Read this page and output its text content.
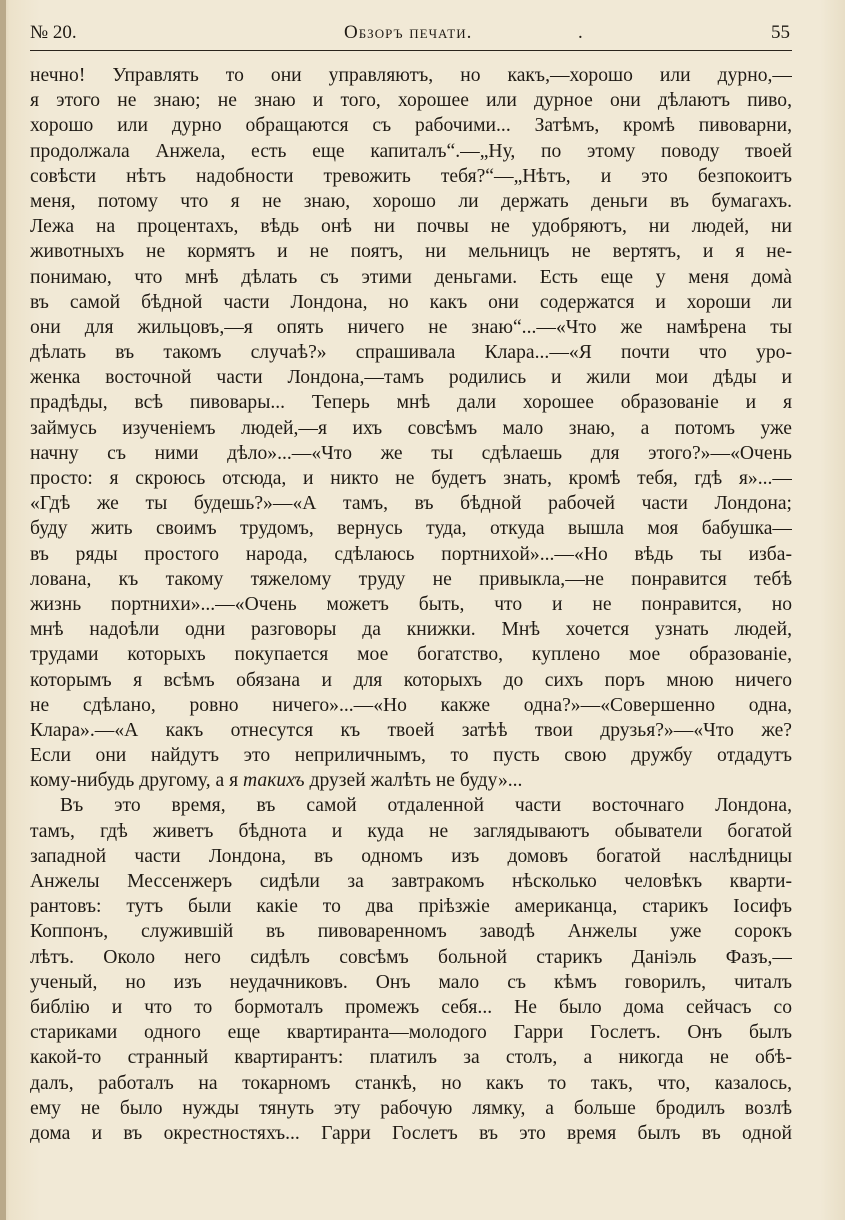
№ 20.	Обзоръ печати.	.	55
нечно! Управлять то они управляютъ, но какъ,—хорошо или дурно,—
я этого не знаю; не знаю и того, хорошее или дурное они дѣлаютъ пиво,
хорошо или дурно обращаются съ рабочими... Затѣмъ, кромѣ пивоварни,
продолжала Анжела, есть еще капиталъ“.—„Ну, по этому поводу твоей
совѣсти нѣтъ надобности тревожить тебя?“—„Нѣтъ, и это безпокоитъ
меня, потому что я не знаю, хорошо ли держать деньги въ бумагахъ.
Лежа на процентахъ, вѣдь онѣ ни почвы не удобряютъ, ни людей, ни
животныхъ не кормятъ и не поятъ, ни мельницъ не вертятъ, и я не-
понимаю, что мнѣ дѣлать съ этими деньгами. Есть еще у меня домà
въ самой бѣдной части Лондона, но какъ они содержатся и хороши ли
они для жильцовъ,—я опять ничего не знаю“...—«Что же намѣрена ты
дѣлать въ такомъ случаѣ?» спрашивала Клара...—«Я почти что уро-
женка восточной части Лондона,—тамъ родились и жили мои дѣды и
прадѣды, всѣ пивовары... Теперь мнѣ дали хорошее образованіе и я
займусь изученіемъ людей,—я ихъ совсѣмъ мало знаю, а потомъ уже
начну съ ними дѣло»...—«Что же ты сдѣлаешь для этого?»—«Очень
просто: я скроюсь отсюда, и никто не будетъ знать, кромѣ тебя, гдѣ я»...—
«Гдѣ же ты будешь?»—«А тамъ, въ бѣдной рабочей части Лондона;
буду жить своимъ трудомъ, вернусь туда, откуда вышла моя бабушка—
въ ряды простого народа, сдѣлаюсь портнихой»...—«Но вѣдь ты изба-
лована, къ такому тяжелому труду не привыкла,—не понравится тебѣ
жизнь портнихи»...—«Очень можетъ быть, что и не понравится, но
мнѣ надоѣли одни разговоры да книжки. Мнѣ хочется узнать людей,
трудами которыхъ покупается мое богатство, куплено мое образованіе,
которымъ я всѣмъ обязана и для которыхъ до сихъ поръ мною ничего
не сдѣлано, ровно ничего»...—«Но какже одна?»—«Совершенно одна,
Клара».—«А какъ отнесутся къ твоей затѣѣ твои друзья?»—«Что же?
Если они найдутъ это неприличнымъ, то пусть свою дружбу отдадутъ
кому-нибудь другому, а я такихъ друзей жалѣть не буду»...
Въ это время, въ самой отдаленной части восточнаго Лондона,
тамъ, гдѣ живетъ бѣднота и куда не заглядываютъ обыватели богатой
западной части Лондона, въ одномъ изъ домовъ богатой наслѣдницы
Анжелы Мессенжеръ сидѣли за завтракомъ нѣсколько человѣкъ кварти-
рантовъ: тутъ были какіе то два пріѣзжіе американца, старикъ Іосифъ
Коппонъ, служившій въ пивоваренномъ заводѣ Анжелы уже сорокъ
лѣтъ. Около него сидѣлъ совсѣмъ больной старикъ Даніэль Фазъ,—
ученый, но изъ неудачниковъ. Онъ мало съ кѣмъ говорилъ, читалъ
библію и что то бормоталъ промежъ себя... Не было дома сейчасъ со
стариками одного еще квартиранта—молодого Гарри Гослетъ. Онъ былъ
какой-то странный квартирантъ: платилъ за столъ, а никогда не обѣ-
далъ, работалъ на токарномъ станкѣ, но какъ то такъ, что, казалось,
ему не было нужды тянуть эту рабочую лямку, а больше бродилъ возлѣ
дома и въ окрестностяхъ... Гарри Гослетъ въ это время былъ въ одной
